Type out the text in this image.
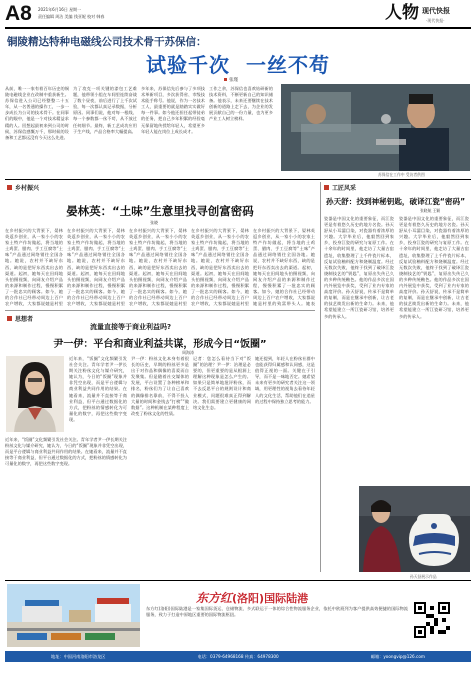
A8 2021年6月16日 星期一
责任编辑 周洁 美编 钱亚妮 校对 韩春	人物 现代快报
·现代快报·
铜陵精达特种电磁线公司技术骨干苏保信：
试验千次  一丝不苟
张瑾
从前，唯一一家有着百年历史的铜陵电磁线企业在改制中重获新生。苏保信进入公司已经整整二十五年，从一名普通的操作工，一步一步成长为公司的技术骨干。在同事们的眼中，他是一个对技术精益求精的人。回想起最初来到公司的时候，苏保信感慨万千，那时候的设备和工艺都远没有今天这么先进。
为了攻克一项关键的漆包工艺难题，他带领小组在车间里连续奋战了数个昼夜，前后进行了上千次试验，每一次都认真记录数据，分析原因。同事们说，他对每一根线、每一个参数都一丝不苟，从不放过任何细节。最终，新工艺成功应用于生产线，产品合格率大幅提高。
多年来，苏保信先后参与了多项技术革新项目，多次获得省、市级技术能手称号。他说，作为一名技术工人，最重要的就是踏踏实实做好每一件事。如今他还担任起带徒弟的任务，把自己多年积累的经验毫无保留地传授给年轻人，希望更多年轻人能在岗位上成长成才。
工作之余，苏保信也喜欢钻研新的技术资料，不断更新自己的知识储备。他表示，未来还要继续在技术创新的道路上走下去，为企业的发展贡献自己的一份力量，也为更多产业工人树立榜样。
苏保信在工作中 受访者供图
乡村振兴
晏林英：“土味”生意里找寻创富密码
张晓
在乡村振兴的大背景下，晏林英返乡创业，从一家小小的农家土特产作坊做起，将当地的土鸡蛋、腊肉、手工豆腐等“土味”产品通过网络销往全国各地。她说，农村并不缺好东西，缺的是把好东西卖出去的渠道。起初，她每天在田间地头拍摄视频，向网友介绍产品的来源和制作过程，慢慢积累了一批忠实的顾客。如今，她的合作社已经带动周边上百户农户增收，大家都说她是村里
在乡村振兴的大背景下，晏林英返乡创业，从一家小小的农家土特产作坊做起，将当地的土鸡蛋、腊肉、手工豆腐等“土味”产品通过网络销往全国各地。她说，农村并不缺好东西，缺的是把好东西卖出去的渠道。起初，她每天在田间地头拍摄视频，向网友介绍产品的来源和制作过程，慢慢积累了一批忠实的顾客。如今，她的合作社已经带动周边上百户农户增收，大家都说她是村里
在乡村振兴的大背景下，晏林英返乡创业，从一家小小的农家土特产作坊做起，将当地的土鸡蛋、腊肉、手工豆腐等“土味”产品通过网络销往全国各地。她说，农村并不缺好东西，缺的是把好东西卖出去的渠道。起初，她每天在田间地头拍摄视频，向网友介绍产品的来源和制作过程，慢慢积累了一批忠实的顾客。如今，她的合作社已经带动周边上百户农户增收，大家都说她是村里
在乡村振兴的大背景下，晏林英返乡创业，从一家小小的农家土特产作坊做起，将当地的土鸡蛋、腊肉、手工豆腐等“土味”产品通过网络销往全国各地。她说，农村并不缺好东西，缺的是把好东西卖出去的渠道。起初，她每天在田间地头拍摄视频，向网友介绍产品的来源和制作过程，慢慢积累了一批忠实的顾客。如今，她的合作社已经带动周边上百户农户增收，大家都说她是村里
在乡村振兴的大背景下，晏林英返乡创业，从一家小小的农家土特产作坊做起，将当地的土鸡蛋、腊肉、手工豆腐等“土味”产品通过网络销往全国各地。她说，农村并不缺好东西，缺的是把好东西卖出去的渠道。起初，她每天在田间地头拍摄视频，向网友介绍产品的来源和制作过程，慢慢积累了一批忠实的顾客。如今，她的合作社已经带动周边上百户农户增收，大家都说她是村里的致富带头人。她表
工匠风采
孙天舒：找到神秘钥匙，破译江瓷“密码”
张晓航 王颖
瓷器是中国文化的重要象征，而江瓷更是有着悠久历史的地方名瓷。孙天舒从小耳濡目染，对瓷器有着浓厚的兴趣。大学毕业后，他毅然回到家乡，投身江瓷的研究与复原工作。在十余年的时间里，他走访了大量古窑遗址，收集整理了上千件瓷片标本，反复试验釉料配方和烧制温度。经过无数次失败，他终于找到了破译江瓷烧制技艺的“钥匙”，复原出失传已久的多种传统釉色。他的作品多次在国内外展览中获奖，受到了业内专家的高度评价。孙天舒说，传承不是简单的复制，而是在继承中创新，让古老的技艺焕发出新的生命力。未来，他希望能建立一所江瓷研习馆，培养更多的传承人。
瓷器是中国文化的重要象征，而江瓷更是有着悠久历史的地方名瓷。孙天舒从小耳濡目染，对瓷器有着浓厚的兴趣。大学毕业后，他毅然回到家乡，投身江瓷的研究与复原工作。在十余年的时间里，他走访了大量古窑遗址，收集整理了上千件瓷片标本，反复试验釉料配方和烧制温度。经过无数次失败，他终于找到了破译江瓷烧制技艺的“钥匙”，复原出失传已久的多种传统釉色。他的作品多次在国内外展览中获奖，受到了业内专家的高度评价。孙天舒说，传承不是简单的复制，而是在继承中创新，让古老的技艺焕发出新的生命力。未来，他希望能建立一所江瓷研习馆，培养更多的传承人。
思想者
流量直接等于商业利益吗?
尹一伊：平台和商业利益共谋，形成今日“饭圈”
周海涛
近年来，“饭圈”文化频繁引发社会关注。青年学者尹一伊长期关注粉丝文化与媒介研究，她认为，今日的“饭圈”现象并非凭空出现，而是平台逻辑与商业利益共同作用的结果。在她看来，流量并不直接等于商业利益，但平台通过数据化的方式，把粉丝的情感转化为可量化的数字，再把这些数字变现。
近年来，“饭圈”文化频繁引发社会关注。青年学者尹一伊长期关注粉丝文化与媒介研究，她认为，今日的“饭圈”现象并非凭空出现，而是平台逻辑与商业利益共同作用的结果。在她看来，流量并不直接等于商业利益，但平台通过数据化的方式，把粉丝的情感转化为可量化的数字，再把这些数字变现。
尹一伊：粉丝文化本身有着很长的历史，早期的粉丝更多是出于对作品和偶像的喜爱而自发聚集。但是随着社交媒体的发展，平台设置了各种榜单和排名，粉丝们为了让自己喜欢的偶像排名靠前，不得不投入大量的时间和金钱去“打榜”“做数据”。这种机制在某种程度上改变了粉丝文化的性质。
记者：您怎么看待当下对“饭圈”的治理？尹一伊：治理是必要的，但更重要的是从根源上理解这种现象是怎么产生的。如果只是简单地批评粉丝，而不去反思平台的规则设计和商业模式，问题很难真正得到解决。我们需要建立更健康的网络文化生态。
她还提到，年轻人在粉丝社群中也能获得归属感和认同感，这是值得正视的一面。关键在于引导，而不是一味地否定。她希望未来有更多的研究者关注这一领域，用更理性的视角去看待年轻人的文化生活，帮助他们在追星的过程中保持独立思考的能力。
孙天舒展示作品
东方红(洛阳)国际陆港
东方红(洛阳)国际陆港是一家集国际货运、仓储物流、多式联运于一体的综合性物流服务企业，依托中欧班列为客户提供高效便捷的国际物流服务，致力于打造中原地区重要的国际物流枢纽。
地址：中国河南洛阳市洛龙区	电话：0379-64968168 传真：64978300	邮箱：yoongvip@126.com
